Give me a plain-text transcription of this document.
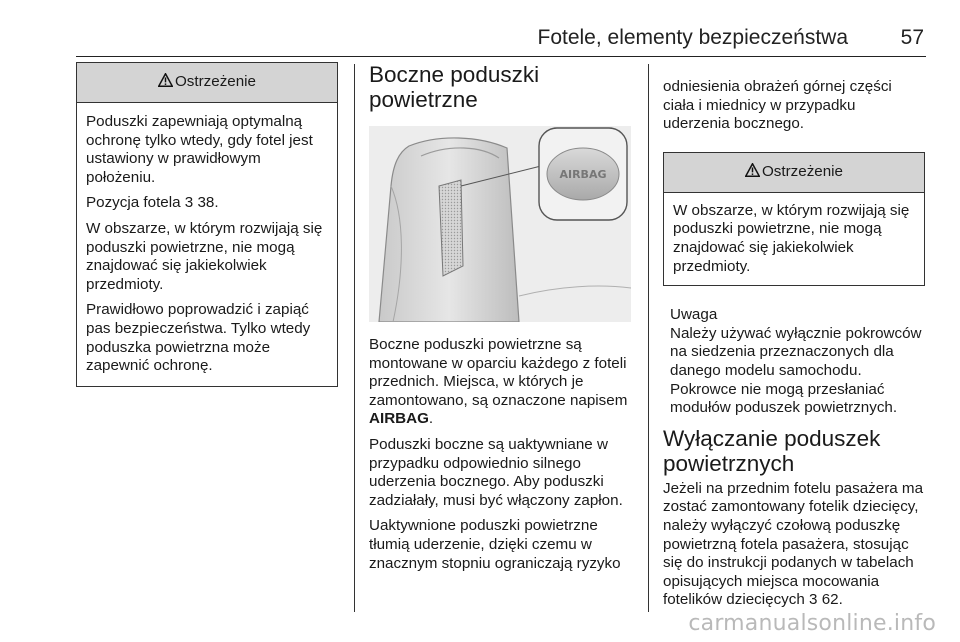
Fotele, elementy bezpieczeństwa	57
Ostrzeżenie

Poduszki zapewniają optymalną ochronę tylko wtedy, gdy fotel jest ustawiony w prawidłowym położeniu.

Pozycja fotela 3 38.

W obszarze, w którym rozwijają się poduszki powietrzne, nie mogą znajdować się jakiekolwiek przedmioty.

Prawidłowo poprowadzić i zapiąć pas bezpieczeństwa. Tylko wtedy poduszka powietrzna może zapewnić ochronę.

Boczne poduszki powietrzne
AIRBAG

Boczne poduszki powietrzne są montowane w oparciu każdego z foteli przednich. Miejsca, w których je zamontowano, są oznaczone napisem AIRBAG.

Poduszki boczne są uaktywniane w przypadku odpowiednio silnego uderzenia bocznego. Aby poduszki zadziałały, musi być włączony zapłon.

Uaktywnione poduszki powietrzne tłumią uderzenie, dzięki czemu w znacznym stopniu ograniczają ryzyko

odniesienia obrażeń górnej części ciała i miednicy w przypadku uderzenia bocznego.

Ostrzeżenie

W obszarze, w którym rozwijają się poduszki powietrzne, nie mogą znajdować się jakiekolwiek przedmioty.

Uwaga
Należy używać wyłącznie pokrowców na siedzenia przeznaczonych dla danego modelu samochodu. Pokrowce nie mogą przesłaniać modułów poduszek powietrznych.
Wyłączanie poduszek powietrznych

Jeżeli na przednim fotelu pasażera ma zostać zamontowany fotelik dziecięcy, należy wyłączyć czołową poduszkę powietrzną fotela pasażera, stosując się do instrukcji podanych w tabelach opisujących miejsca mocowania fotelików dziecięcych 3 62.

carmanualsonline.info
